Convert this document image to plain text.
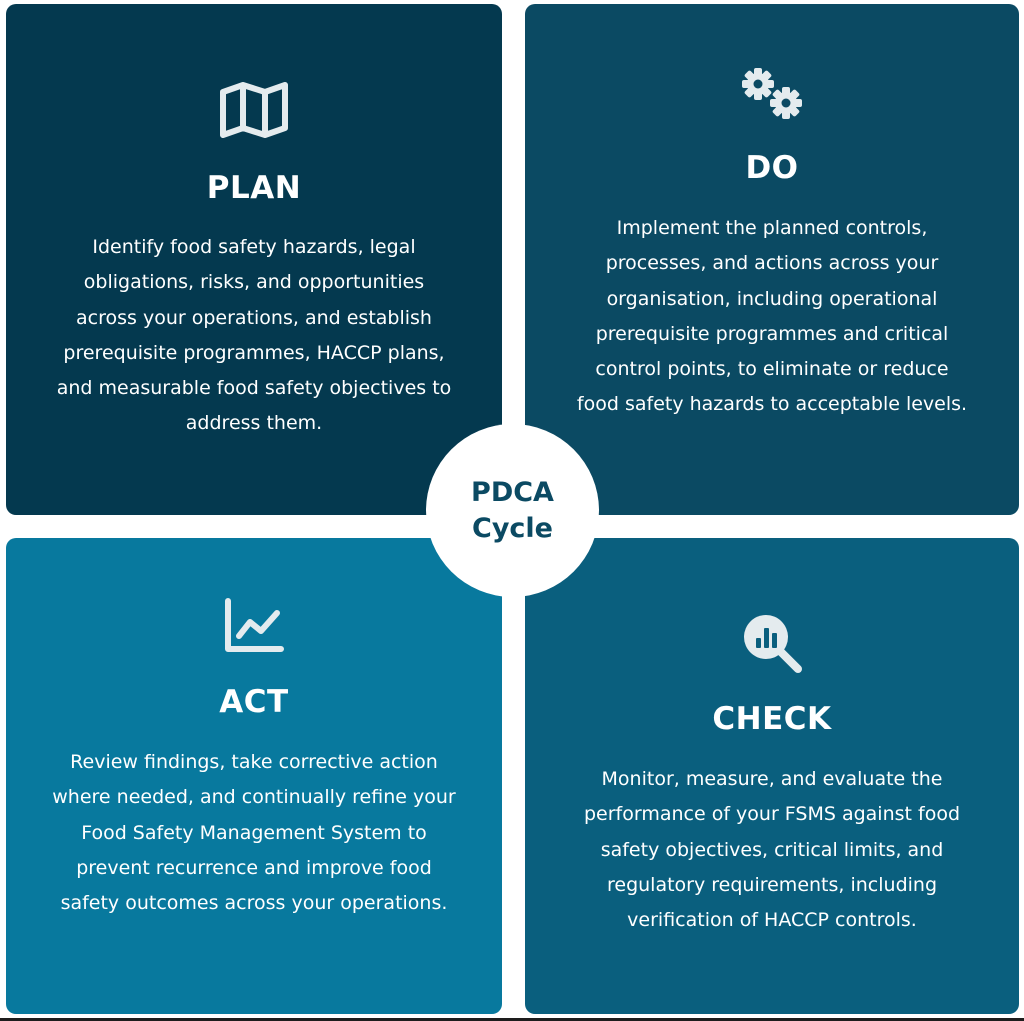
PLAN

Identify food safety hazards, legal obligations, risks, and opportunities across your operations, and establish prerequisite programmes, HACCP plans, and measurable food safety objectives to address them.

DO

Implement the planned controls, processes, and actions across your organisation, including operational prerequisite programmes and critical control points, to eliminate or reduce food safety hazards to acceptable levels.

ACT

Review findings, take corrective action where needed, and continually refine your Food Safety Management System to prevent recurrence and improve food safety outcomes across your operations.

CHECK

Monitor, measure, and evaluate the performance of your FSMS against food safety objectives, critical limits, and regulatory requirements, including verification of HACCP controls.

PDCA
Cycle
